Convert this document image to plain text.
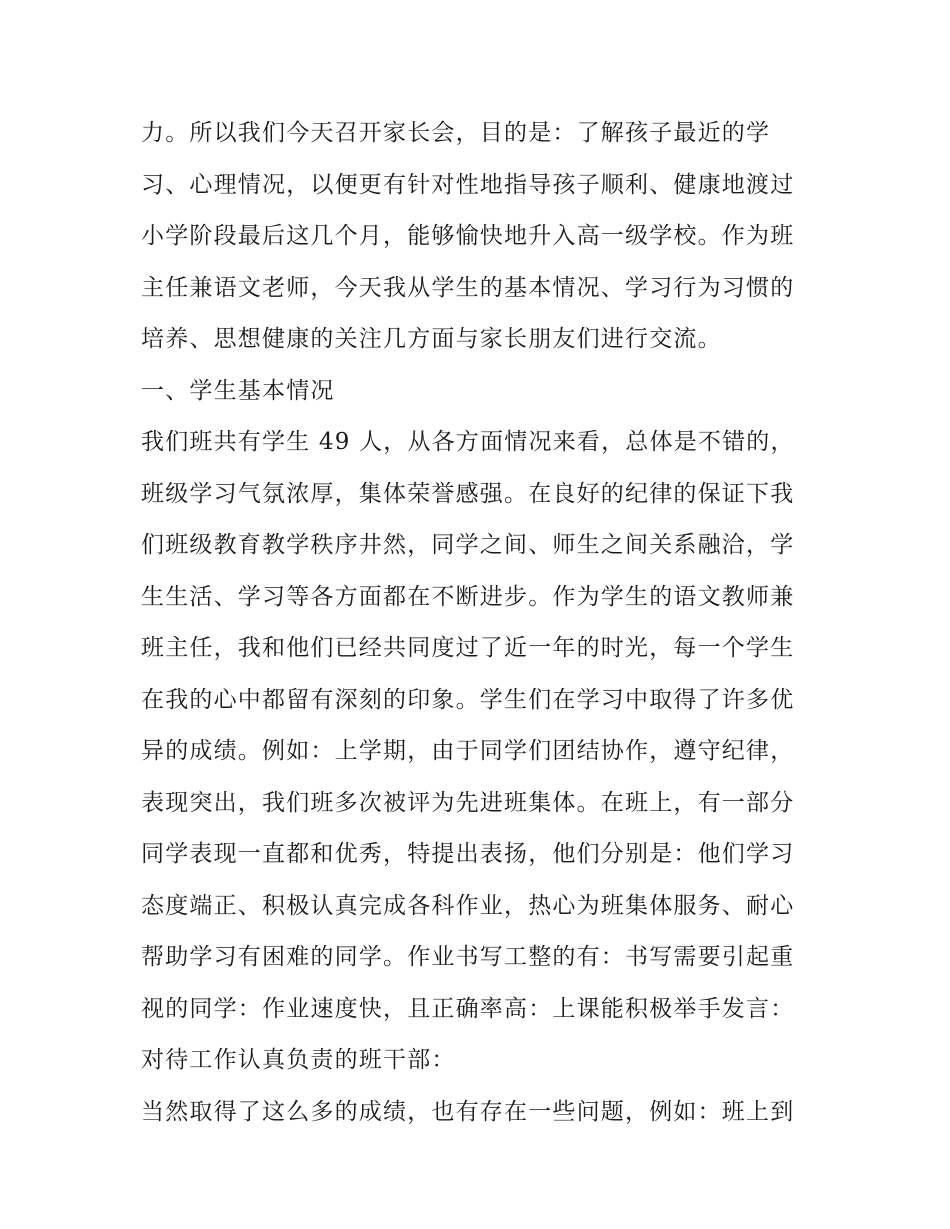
力。所以我们今天召开家长会，目的是：了解孩子最近的学
习、心理情况，以便更有针对性地指导孩子顺利、健康地渡过
小学阶段最后这几个月，能够愉快地升入高一级学校。作为班
主任兼语文老师，今天我从学生的基本情况、学习行为习惯的
培养、思想健康的关注几方面与家长朋友们进行交流。
一、学生基本情况
我们班共有学生 49 人，从各方面情况来看，总体是不错的，
班级学习气氛浓厚，集体荣誉感强。在良好的纪律的保证下我
们班级教育教学秩序井然，同学之间、师生之间关系融洽，学
生生活、学习等各方面都在不断进步。作为学生的语文教师兼
班主任，我和他们已经共同度过了近一年的时光，每一个学生
在我的心中都留有深刻的印象。学生们在学习中取得了许多优
异的成绩。例如：上学期，由于同学们团结协作，遵守纪律，
表现突出，我们班多次被评为先进班集体。在班上，有一部分
同学表现一直都和优秀，特提出表扬，他们分别是：他们学习
态度端正、积极认真完成各科作业，热心为班集体服务、耐心
帮助学习有困难的同学。作业书写工整的有：书写需要引起重
视的同学：作业速度快，且正确率高：上课能积极举手发言：
对待工作认真负责的班干部：
当然取得了这么多的成绩，也有存在一些问题，例如：班上到
